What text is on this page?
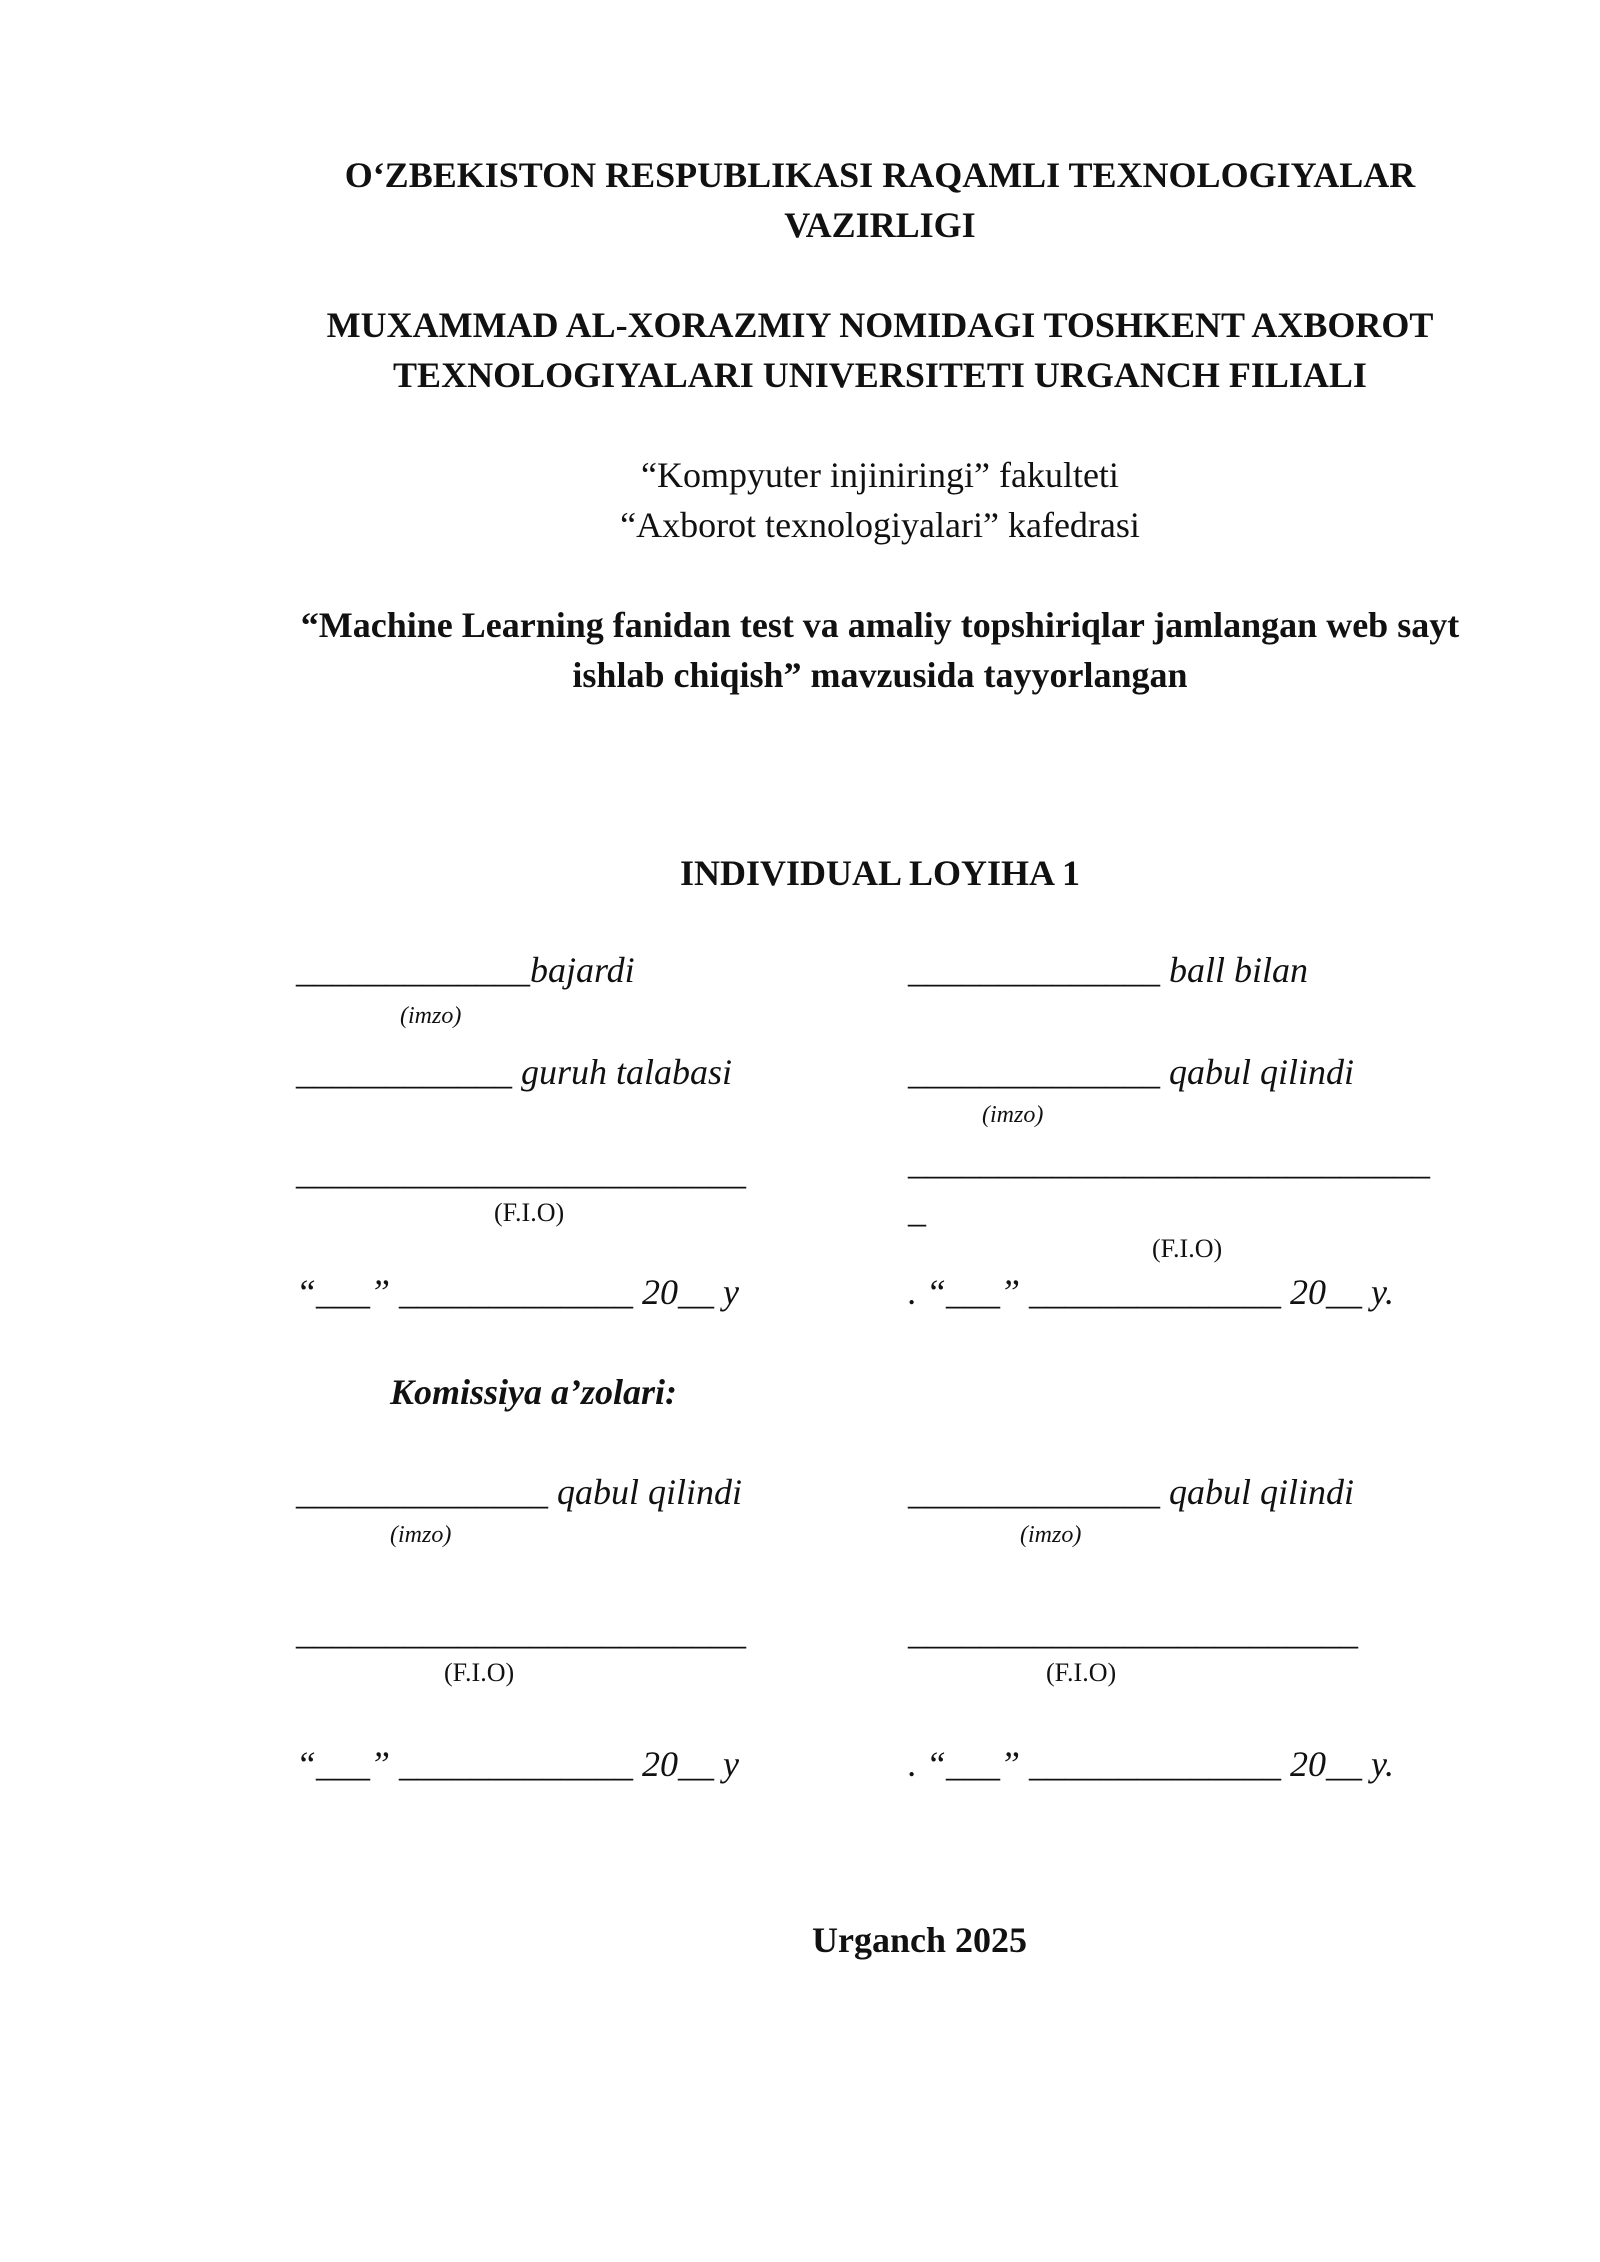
O‘ZBEKISTON RESPUBLIKASI RAQAMLI TEXNOLOGIYALAR
VAZIRLIGI
MUXAMMAD AL-XORAZMIY NOMIDAGI TOSHKENT AXBOROT
TEXNOLOGIYALARI UNIVERSITETI URGANCH FILIALI
“Kompyuter injiniringi” fakulteti
“Axborot texnologiyalari” kafedrasi
“Machine Learning fanidan test va amaliy topshiriqlar jamlangan web sayt
ishlab chiqish” mavzusida tayyorlangan
INDIVIDUAL LOYIHA 1
_____________bajardi
(imzo)
____________ guruh talabasi
_________________________
(F.I.O)
“___” _____________ 20__ y
______________ ball bilan
______________ qabul qilindi
(imzo)
_____________________________
_
(F.I.O)
. “___” ______________ 20__ y.
Komissiya a’zolari:
______________ qabul qilindi
(imzo)
_________________________
(F.I.O)
“___” _____________ 20__ y
______________ qabul qilindi
(imzo)
_________________________
(F.I.O)
. “___” ______________ 20__ y.
Urganch 2025
